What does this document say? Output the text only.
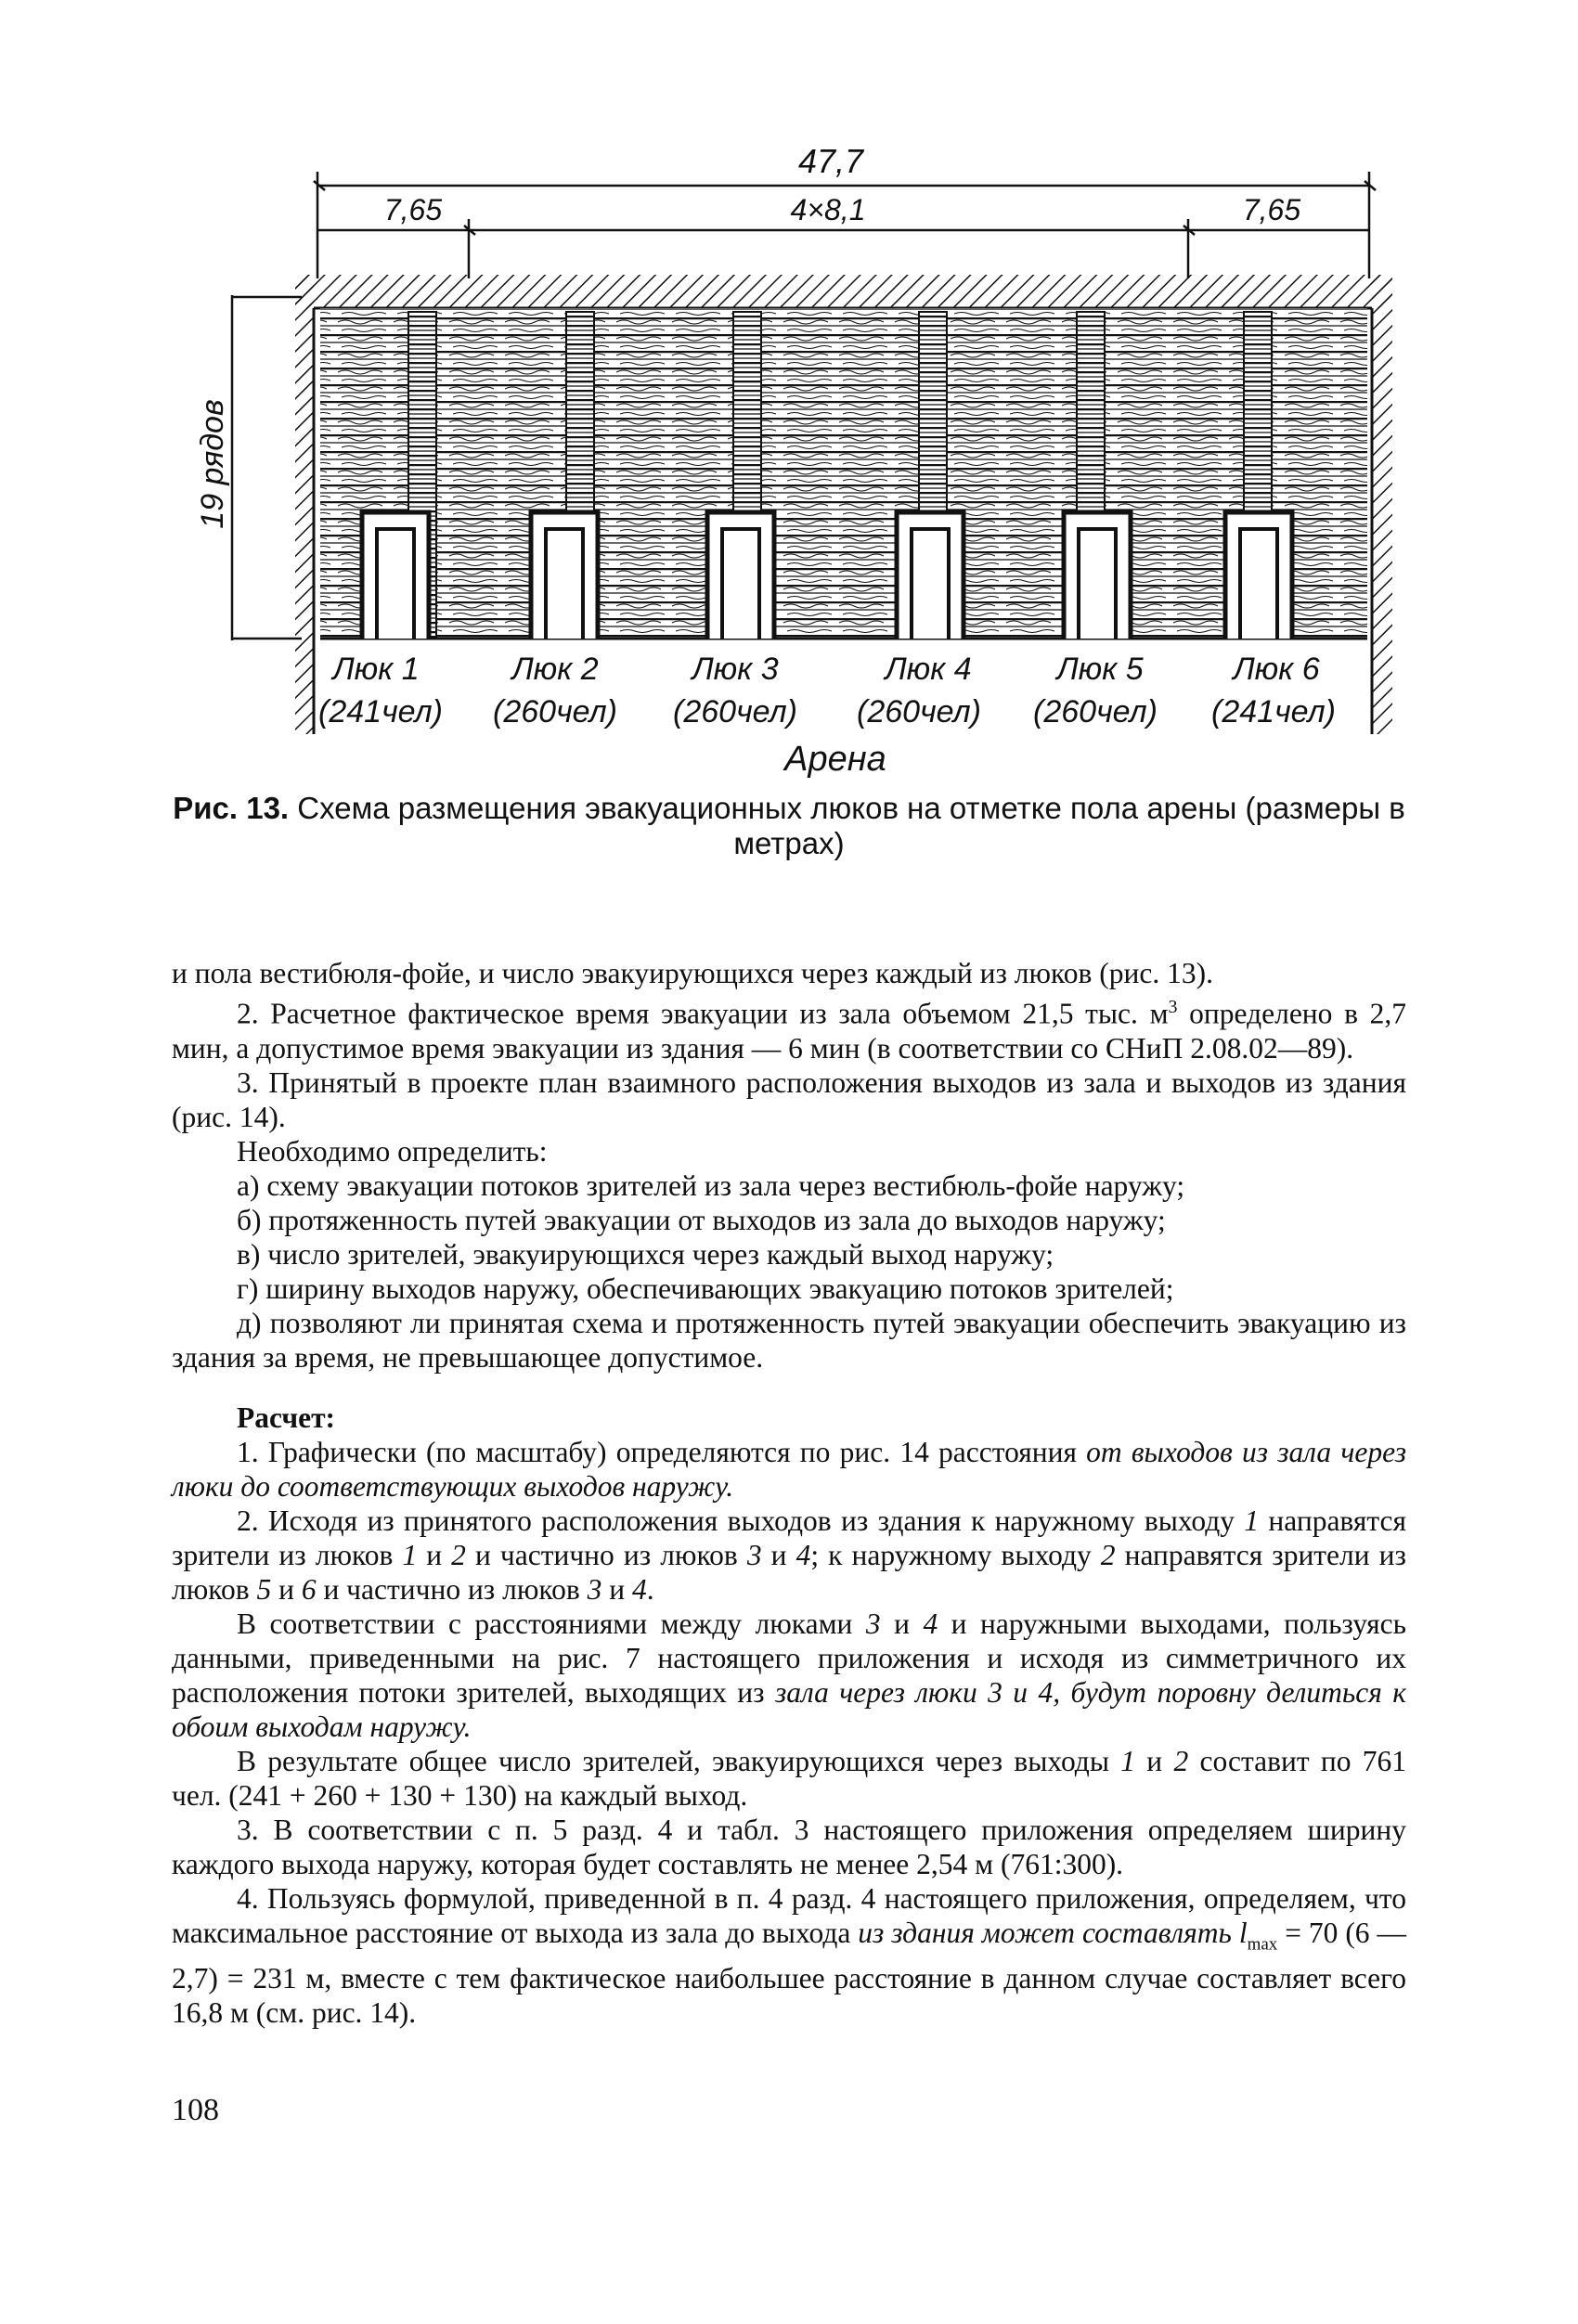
47,7
7,65	4×8,1	7,65
19 рядов
Люк 1
(241чел)
Люк 2
(260чел)
Люк 3
(260чел)
Люк 4
(260чел)
Люк 5
(260чел)
Люк 6
(241чел)
Арена
Рис. 13. Схема размещения эвакуационных люков на отметке пола арены (размеры в метрах)

и пола вестибюля-фойе, и число эвакуирующихся через каждый из люков (рис. 13).

2. Расчетное фактическое время эвакуации из зала объемом 21,5 тыс. $м^3$ определено в 2,7 мин, а допустимое время эвакуации из здания — 6 мин (в соответствии со СНиП 2.08.02—89).

3. Принятый в проекте план взаимного расположения выходов из зала и выходов из здания (рис. 14).

Необходимо определить:

а) схему эвакуации потоков зрителей из зала через вестибюль-фойе наружу;

б) протяженность путей эвакуации от выходов из зала до выходов наружу;

в) число зрителей, эвакуирующихся через каждый выход наружу;

г) ширину выходов наружу, обеспечивающих эвакуацию потоков зрителей;

д) позволяют ли принятая схема и протяженность путей эвакуации обеспечить эвакуацию из здания за время, не превышающее допустимое.

Расчет:

1. Графически (по масштабу) определяются по рис. 14 расстояния от выходов из зала через люки до соответствующих выходов наружу.

2. Исходя из принятого расположения выходов из здания к наружному выходу 1 направятся зрители из люков 1 и 2 и частично из люков 3 и 4; к наружному выходу 2 направятся зрители из люков 5 и 6 и частично из люков 3 и 4.

В соответствии с расстояниями между люками 3 и 4 и наружными выходами, пользуясь данными, приведенными на рис. 7 настоящего приложения и исходя из симметричного их расположения потоки зрителей, выходящих из зала через люки 3 и 4, будут поровну делиться к обоим выходам наружу.

В результате общее число зрителей, эвакуирующихся через выходы 1 и 2 составит по 761 чел. (241 + 260 + 130 + 130) на каждый выход.

3. В соответствии с п. 5 разд. 4 и табл. 3 настоящего приложения определяем ширину каждого выхода наружу, которая будет составлять не менее 2,54 м (761:300).

4. Пользуясь формулой, приведенной в п. 4 разд. 4 настоящего приложения, определяем, что максимальное расстояние от выхода из зала до выхода из здания может составлять $l_{max} = 70$ (6 — 2,7) = 231 м, вместе с тем фактическое наибольшее расстояние в данном случае составляет всего 16,8 м (см. рис. 14).

108
